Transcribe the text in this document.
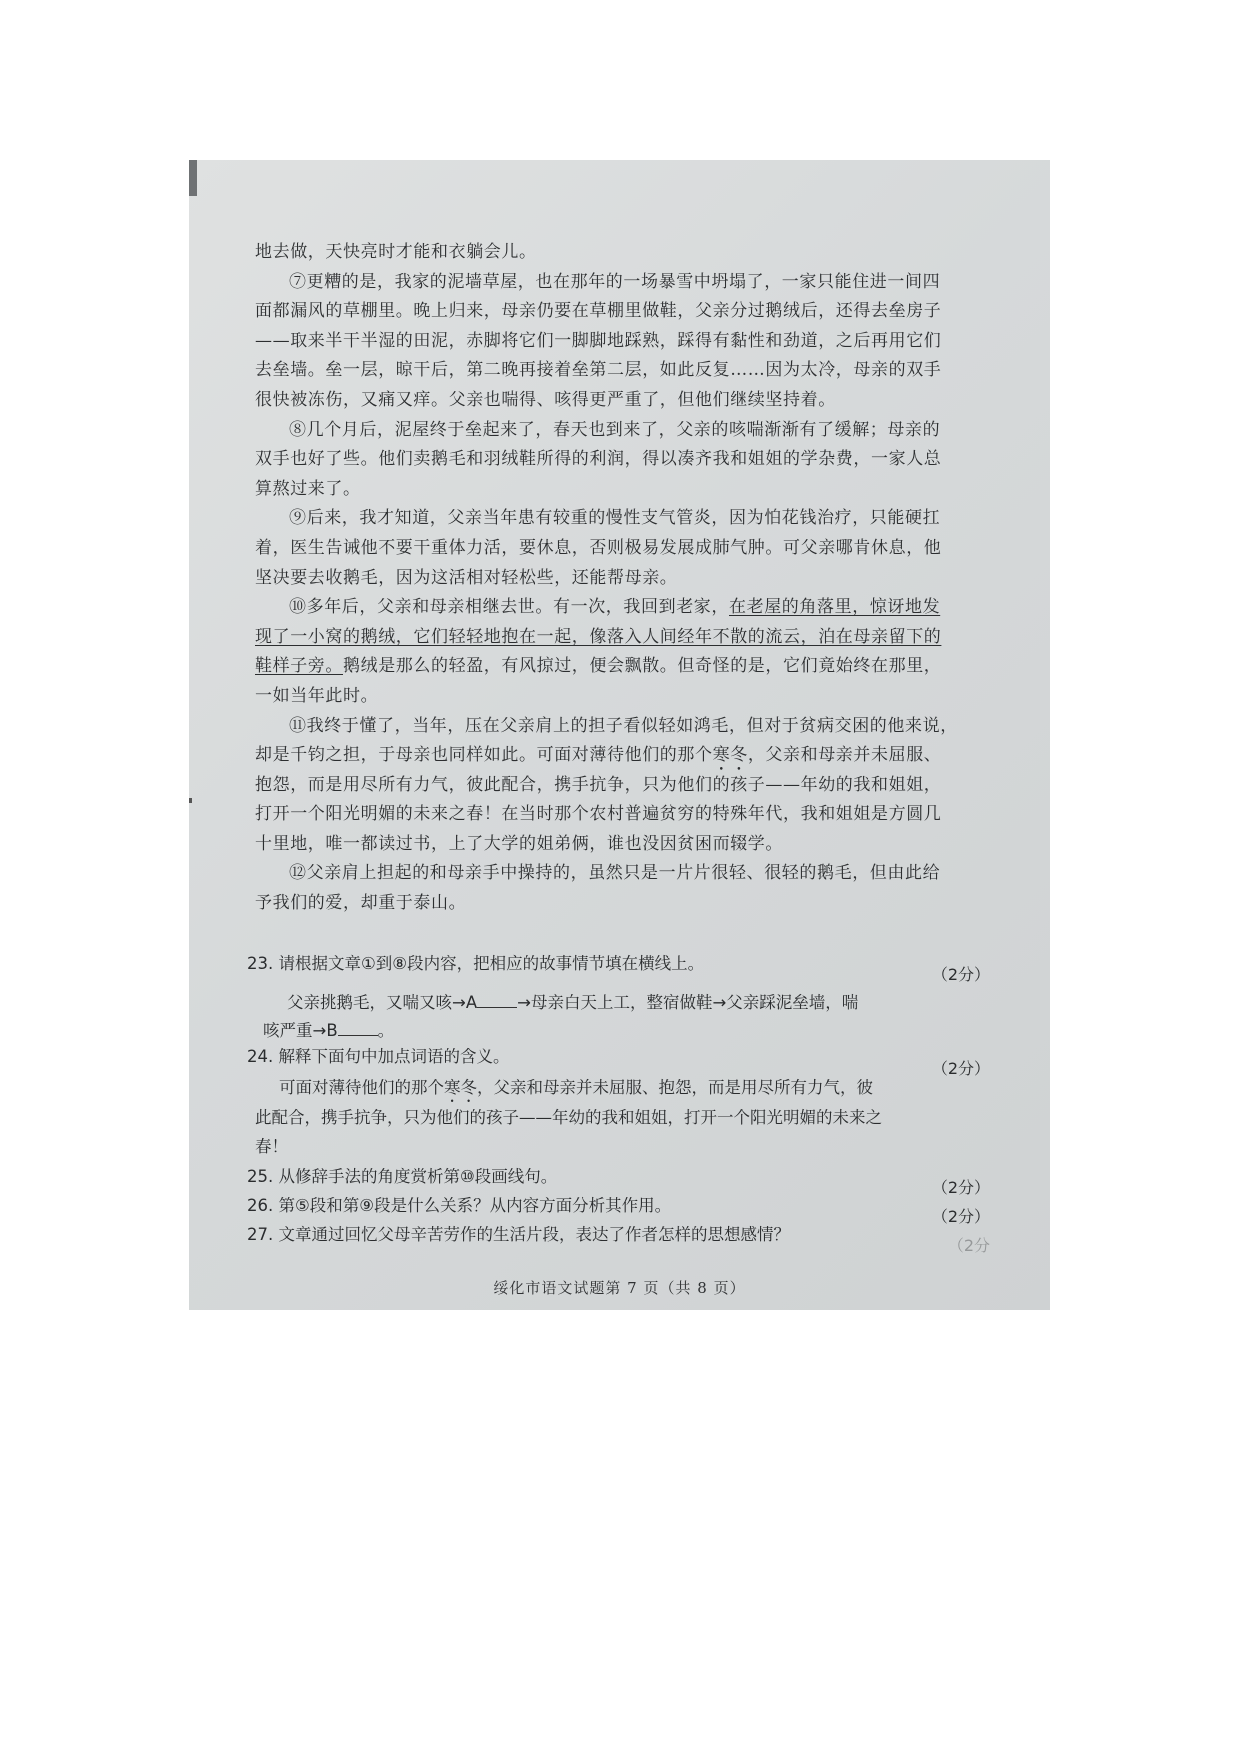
地去做，天快亮时才能和衣躺会儿。
⑦更糟的是，我家的泥墙草屋，也在那年的一场暴雪中坍塌了，一家只能住进一间四
面都漏风的草棚里。晚上归来，母亲仍要在草棚里做鞋，父亲分过鹅绒后，还得去垒房子
——取来半干半湿的田泥，赤脚将它们一脚脚地踩熟，踩得有黏性和劲道，之后再用它们
去垒墙。垒一层，晾干后，第二晚再接着垒第二层，如此反复……因为太冷，母亲的双手
很快被冻伤，又痛又痒。父亲也喘得、咳得更严重了，但他们继续坚持着。
⑧几个月后，泥屋终于垒起来了，春天也到来了，父亲的咳喘渐渐有了缓解；母亲的
双手也好了些。他们卖鹅毛和羽绒鞋所得的利润，得以凑齐我和姐姐的学杂费，一家人总
算熬过来了。
⑨后来，我才知道，父亲当年患有较重的慢性支气管炎，因为怕花钱治疗，只能硬扛
着，医生告诫他不要干重体力活，要休息，否则极易发展成肺气肿。可父亲哪肯休息，他
坚决要去收鹅毛，因为这活相对轻松些，还能帮母亲。
⑩多年后，父亲和母亲相继去世。有一次，我回到老家，在老屋的角落里，惊讶地发
现了一小窝的鹅绒，它们轻轻地抱在一起，像落入人间经年不散的流云，泊在母亲留下的
鞋样子旁。鹅绒是那么的轻盈，有风掠过，便会飘散。但奇怪的是，它们竟始终在那里，
一如当年此时。
⑪我终于懂了，当年，压在父亲肩上的担子看似轻如鸿毛，但对于贫病交困的他来说，
却是千钧之担，于母亲也同样如此。可面对薄待他们的那个寒冬，父亲和母亲并未屈服、
抱怨，而是用尽所有力气，彼此配合，携手抗争，只为他们的孩子——年幼的我和姐姐，
打开一个阳光明媚的未来之春！在当时那个农村普遍贫穷的特殊年代，我和姐姐是方圆几
十里地，唯一都读过书，上了大学的姐弟俩，谁也没因贫困而辍学。
⑫父亲肩上担起的和母亲手中操持的，虽然只是一片片很轻、很轻的鹅毛，但由此给
予我们的爱，却重于泰山。
23. 请根据文章①到⑧段内容，把相应的故事情节填在横线上。
（2分）
父亲挑鹅毛，又喘又咳→A →母亲白天上工，整宿做鞋→父亲踩泥垒墙，喘
咳严重→B 。
24. 解释下面句中加点词语的含义。
（2分）
可面对薄待他们的那个寒冬，父亲和母亲并未屈服、抱怨，而是用尽所有力气，彼
此配合，携手抗争，只为他们的孩子——年幼的我和姐姐，打开一个阳光明媚的未来之
春！
25. 从修辞手法的角度赏析第⑩段画线句。
（2分）
26. 第⑤段和第⑨段是什么关系？从内容方面分析其作用。
（2分）
27. 文章通过回忆父母辛苦劳作的生活片段，表达了作者怎样的思想感情？
（2分
绥化市语文试题第 7 页（共 8 页）
